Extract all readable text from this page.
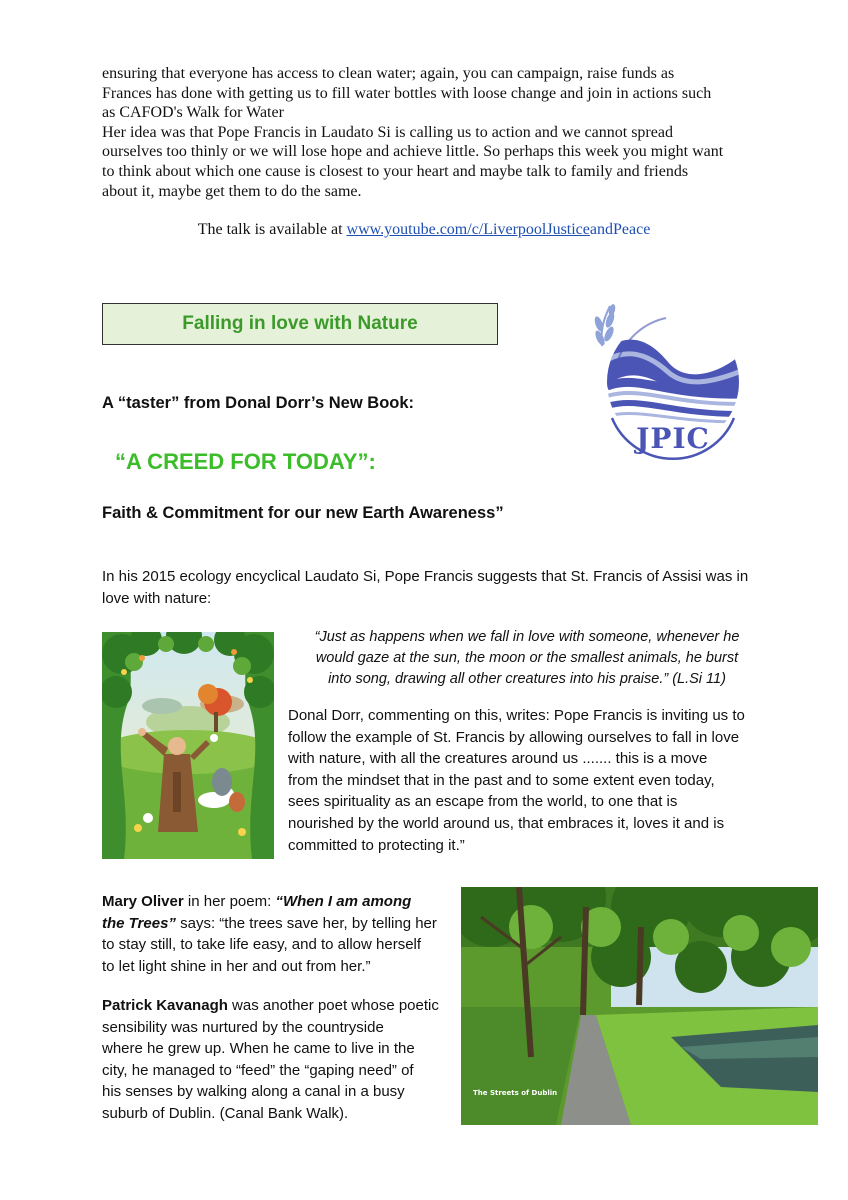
ensuring that everyone has access to clean water; again, you can campaign, raise funds as
Frances has done with getting us to fill water bottles with loose change and join in actions such
as CAFOD's Walk for Water
Her idea was that Pope Francis in Laudato Si is calling us to action and we cannot spread
ourselves too thinly or we will lose hope and achieve little. So perhaps this week you might want
to think about which one cause is closest to your heart and maybe talk to family and friends
about it, maybe get them to do the same.
The talk is available at www.youtube.com/c/LiverpoolJusticeandPeace
Falling in love with Nature
JPIC
A “taster” from Donal Dorr’s New Book:
“A CREED FOR TODAY”:
Faith & Commitment for our new Earth Awareness”
In his 2015 ecology encyclical Laudato Si, Pope Francis suggests that St. Francis of Assisi was in
love with nature:
“Just as happens when we fall in love with someone, whenever he
would gaze at the sun, the moon or the smallest animals, he burst
into song, drawing all other creatures into his praise.” (L.Si 11)
Donal Dorr, commenting on this, writes: Pope Francis is inviting us to
follow the example of St. Francis by allowing ourselves to fall in love
with nature, with all the creatures around us ....... this is a move
from the mindset that in the past and to some extent even today,
sees spirituality as an escape from the world, to one that is
nourished by the world around us, that embraces it, loves it and is
committed to protecting it.”
Mary Oliver in her poem: “When I am among
the Trees” says: “the trees save her, by telling her
to stay still, to take life easy, and to allow herself
to let light shine in her and out from her.”
Patrick Kavanagh was another poet whose poetic
sensibility was nurtured by the countryside
where he grew up. When he came to live in the
city, he managed to “feed” the “gaping need” of
his senses by walking along a canal in a busy
suburb of Dublin. (Canal Bank Walk).
The Streets of Dublin
